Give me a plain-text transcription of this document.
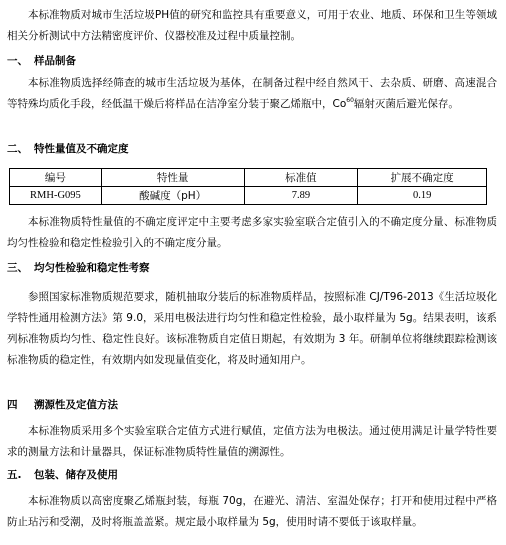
本标准物质对城市生活垃圾PH值的研究和监控具有重要意义，可用于农业、地质、环保和卫生等领域相关分析测试中方法精密度评价、仪器校准及过程中质量控制。

一、 样品制备

本标准物质选择经筛查的城市生活垃圾为基体，在制备过程中经自然风干、去杂质、研磨、高速混合等特殊均质化手段，经低温干燥后将样品在洁净室分装于聚乙烯瓶中，Co$^{60}$辐射灭菌后避光保存。

二、 特性量值及不确定度
编号	特性量	标准值	扩展不确定度
RMH-G095	酸碱度（pH）	7.89	0.19

本标准物质特性量值的不确定度评定中主要考虑多家实验室联合定值引入的不确定度分量、标准物质均匀性检验和稳定性检验引入的不确定度分量。

三、 均匀性检验和稳定性考察

参照国家标准物质规范要求，随机抽取分装后的标准物质样品，按照标准 CJ/T96-2013《生活垃圾化学特性通用检测方法》第 9.0，采用电极法进行均匀性和稳定性检验，最小取样量为 5g。结果表明，该系列标准物质均匀性、稳定性良好。该标准物质自定值日期起，有效期为 3 年。研制单位将继续跟踪检测该标准物质的稳定性，有效期内如发现量值变化，将及时通知用户。

四 溯源性及定值方法

本标准物质采用多个实验室联合定值方式进行赋值，定值方法为电极法。通过使用满足计量学特性要求的测量方法和计量器具，保证标准物质特性量值的溯源性。

五. 包装、储存及使用

本标准物质以高密度聚乙烯瓶封装，每瓶 70g，在避光、清洁、室温处保存；打开和使用过程中严格防止玷污和受潮，及时将瓶盖盖紧。规定最小取样量为 5g，使用时请不要低于该取样量。
